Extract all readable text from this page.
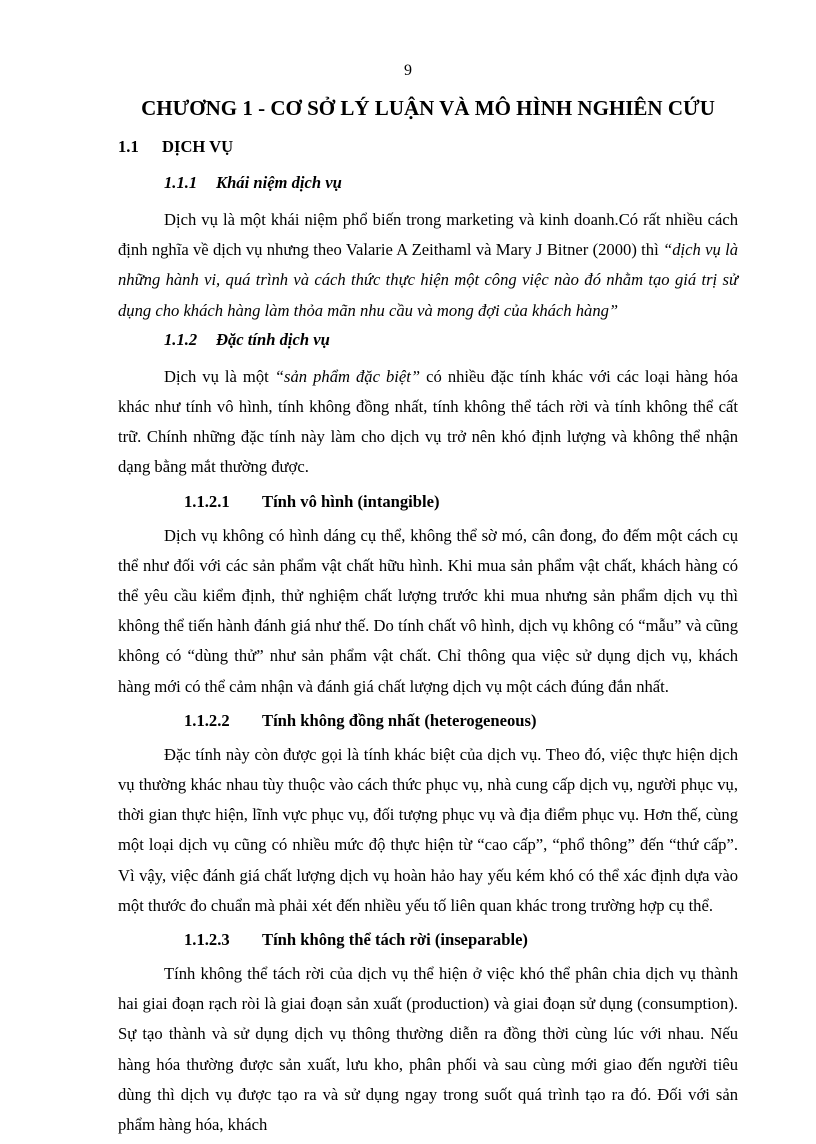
9
CHƯƠNG 1 - CƠ SỞ LÝ LUẬN VÀ MÔ HÌNH NGHIÊN CỨU
1.1 DỊCH VỤ
1.1.1 Khái niệm dịch vụ

Dịch vụ là một khái niệm phổ biến trong marketing và kinh doanh.Có rất nhiều cách định nghĩa về dịch vụ nhưng theo Valarie A Zeithaml và Mary J Bitner (2000) thì “dịch vụ là những hành vi, quá trình và cách thức thực hiện một công việc nào đó nhằm tạo giá trị sử dụng cho khách hàng làm thỏa mãn nhu cầu và mong đợi của khách hàng”

1.1.2 Đặc tính dịch vụ

Dịch vụ là một “sản phẩm đặc biệt” có nhiều đặc tính khác với các loại hàng hóa khác như tính vô hình, tính không đồng nhất, tính không thể tách rời và tính không thể cất trữ. Chính những đặc tính này làm cho dịch vụ trở nên khó định lượng và không thể nhận dạng bằng mắt thường được.

1.1.2.1 Tính vô hình (intangible)

Dịch vụ không có hình dáng cụ thể, không thể sờ mó, cân đong, đo đếm một cách cụ thể như đối với các sản phẩm vật chất hữu hình. Khi mua sản phẩm vật chất, khách hàng có thể yêu cầu kiểm định, thử nghiệm chất lượng trước khi mua nhưng sản phẩm dịch vụ thì không thể tiến hành đánh giá như thế. Do tính chất vô hình, dịch vụ không có “mẫu” và cũng không có “dùng thử” như sản phẩm vật chất. Chỉ thông qua việc sử dụng dịch vụ, khách hàng mới có thể cảm nhận và đánh giá chất lượng dịch vụ một cách đúng đắn nhất.

1.1.2.2 Tính không đồng nhất (heterogeneous)

Đặc tính này còn được gọi là tính khác biệt của dịch vụ. Theo đó, việc thực hiện dịch vụ thường khác nhau tùy thuộc vào cách thức phục vụ, nhà cung cấp dịch vụ, người phục vụ, thời gian thực hiện, lĩnh vực phục vụ, đối tượng phục vụ và địa điểm phục vụ. Hơn thế, cùng một loại dịch vụ cũng có nhiều mức độ thực hiện từ “cao cấp”, “phổ thông” đến “thứ cấp”. Vì vậy, việc đánh giá chất lượng dịch vụ hoàn hảo hay yếu kém khó có thể xác định dựa vào một thước đo chuẩn mà phải xét đến nhiều yếu tố liên quan khác trong trường hợp cụ thể.

1.1.2.3 Tính không thể tách rời (inseparable)

Tính không thể tách rời của dịch vụ thể hiện ở việc khó thể phân chia dịch vụ thành hai giai đoạn rạch ròi là giai đoạn sản xuất (production) và giai đoạn sử dụng (consumption). Sự tạo thành và sử dụng dịch vụ thông thường diễn ra đồng thời cùng lúc với nhau. Nếu hàng hóa thường được sản xuất, lưu kho, phân phối và sau cùng mới giao đến người tiêu dùng thì dịch vụ được tạo ra và sử dụng ngay trong suốt quá trình tạo ra đó. Đối với sản phẩm hàng hóa, khách
